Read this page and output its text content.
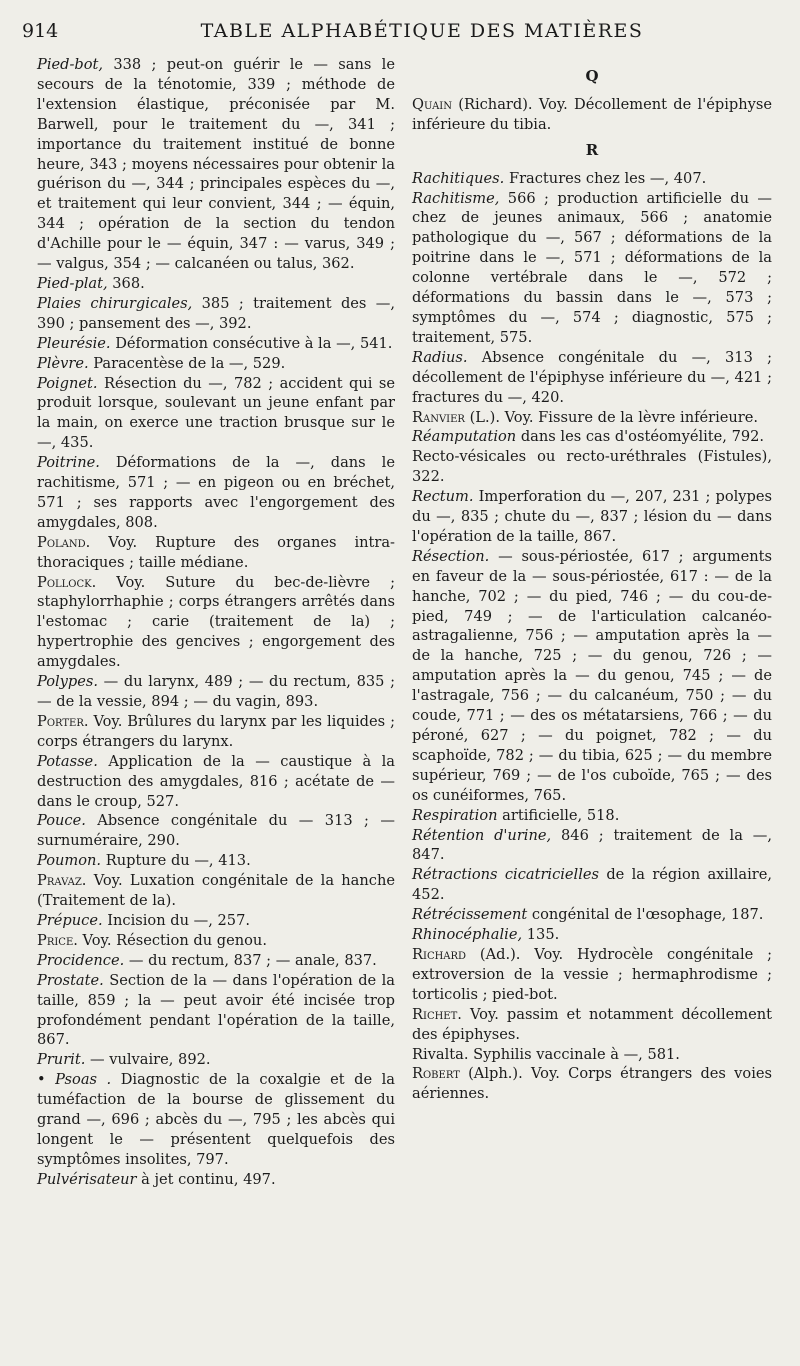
914	TABLE ALPHABÉTIQUE DES MATIÈRES

Pied-bot, 338 ; peut-on guérir le — sans le secours de la ténotomie, 339 ; méthode de l'extension élastique, préconisée par M. Barwell, pour le traitement du —, 341 ; importance du traitement institué de bonne heure, 343 ; moyens nécessaires pour obtenir la guérison du —, 344 ; principales espèces du —, et traitement qui leur convient, 344 ; — équin, 344 ; opération de la section du tendon d'Achille pour le — équin, 347 : — varus, 349 ; — valgus, 354 ; — calcanéen ou talus, 362.

Pied-plat, 368.

Plaies chirurgicales, 385 ; traitement des —, 390 ; pansement des —, 392.

Pleurésie. Déformation consécutive à la —, 541.

Plèvre. Paracentèse de la —, 529.

Poignet. Résection du —, 782 ; accident qui se produit lorsque, soulevant un jeune enfant par la main, on exerce une traction brusque sur le —, 435.

Poitrine. Déformations de la —, dans le rachitisme, 571 ; — en pigeon ou en bréchet, 571 ; ses rapports avec l'engorgement des amygdales, 808.

Poland. Voy. Rupture des organes intra-thoraciques ; taille médiane.

Pollock. Voy. Suture du bec-de-lièvre ; staphylorrhaphie ; corps étrangers arrêtés dans l'estomac ; carie (traitement de la) ; hypertrophie des gencives ; engorgement des amygdales.

Polypes. — du larynx, 489 ; — du rectum, 835 ; — de la vessie, 894 ; — du vagin, 893.

Porter. Voy. Brûlures du larynx par les liquides ; corps étrangers du larynx.

Potasse. Application de la — caustique à la destruction des amygdales, 816 ; acétate de — dans le croup, 527.

Pouce. Absence congénitale du — 313 ; — surnuméraire, 290.

Poumon. Rupture du —, 413.

Pravaz. Voy. Luxation congénitale de la hanche (Traitement de la).

Prépuce. Incision du —, 257.

Price. Voy. Résection du genou.

Procidence. — du rectum, 837 ; — anale, 837.

Prostate. Section de la — dans l'opération de la taille, 859 ; la — peut avoir été incisée trop profondément pendant l'opération de la taille, 867.

Prurit. — vulvaire, 892.

• Psoas . Diagnostic de la coxalgie et de la tuméfaction de la bourse de glissement du grand —, 696 ; abcès du —, 795 ; les abcès qui longent le — présentent quelquefois des symptômes insolites, 797.

Pulvérisateur à jet continu, 497.

Q

Quain (Richard). Voy. Décollement de l'épiphyse inférieure du tibia.

R

Rachitiques. Fractures chez les —, 407.

Rachitisme, 566 ; production artificielle du — chez de jeunes animaux, 566 ; anatomie pathologique du —, 567 ; déformations de la poitrine dans le —, 571 ; déformations de la colonne vertébrale dans le —, 572 ; déformations du bassin dans le —, 573 ; symptômes du —, 574 ; diagnostic, 575 ; traitement, 575.

Radius. Absence congénitale du —, 313 ; décollement de l'épiphyse inférieure du —, 421 ; fractures du —, 420.

Ranvier (L.). Voy. Fissure de la lèvre inférieure.

Réamputation dans les cas d'ostéomyélite, 792.

Recto-vésicales ou recto-uréthrales (Fistules), 322.

Rectum. Imperforation du —, 207, 231 ; polypes du —, 835 ; chute du —, 837 ; lésion du — dans l'opération de la taille, 867.

Résection. — sous-périostée, 617 ; arguments en faveur de la — sous-périostée, 617 : — de la hanche, 702 ; — du pied, 746 ; — du cou-de-pied, 749 ; — de l'articulation calcanéo-astragalienne, 756 ; — amputation après la — de la hanche, 725 ; — du genou, 726 ; — amputation après la — du genou, 745 ; — de l'astragale, 756 ; — du calcanéum, 750 ; — du coude, 771 ; — des os métatarsiens, 766 ; — du péroné, 627 ; — du poignet, 782 ; — du scaphoïde, 782 ; — du tibia, 625 ; — du membre supérieur, 769 ; — de l'os cuboïde, 765 ; — des os cunéiformes, 765.

Respiration artificielle, 518.

Rétention d'urine, 846 ; traitement de la —, 847.

Rétractions cicatricielles de la région axillaire, 452.

Rétrécissement congénital de l'œsophage, 187.

Rhinocéphalie, 135.

Richard (Ad.). Voy. Hydrocèle congénitale ; extroversion de la vessie ; hermaphrodisme ; torticolis ; pied-bot.

Richet. Voy. passim et notamment décollement des épiphyses.

Rivalta. Syphilis vaccinale à —, 581.

Robert (Alph.). Voy. Corps étrangers des voies aériennes.
